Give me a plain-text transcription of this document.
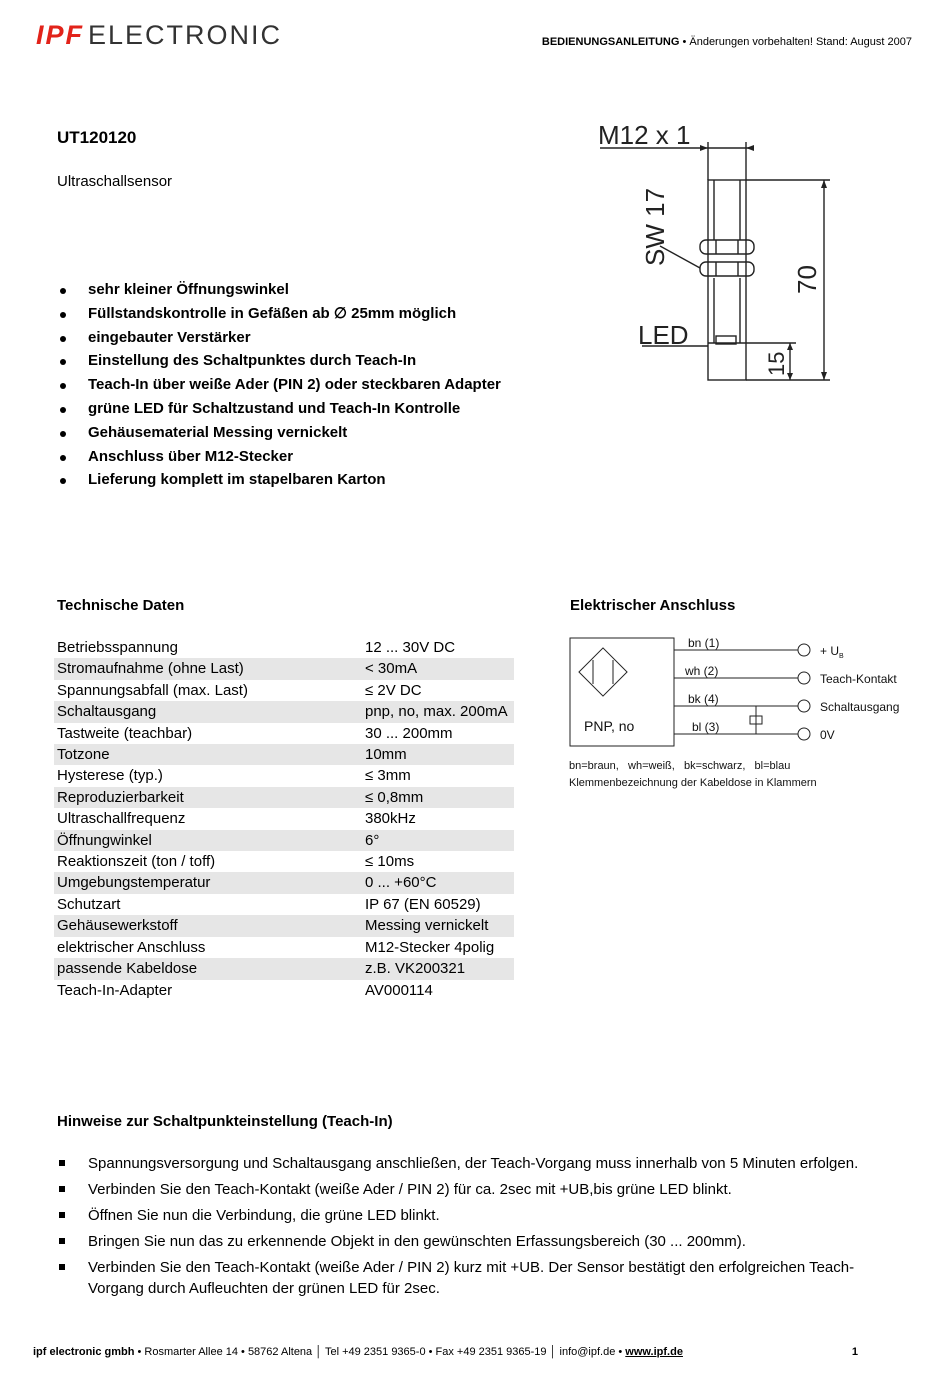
IPF ELECTRONIC	BEDIENUNGSANLEITUNG • Änderungen vorbehalten! Stand: August 2007
UT120120
Ultraschallsensor
sehr kleiner Öffnungswinkel
Füllstandskontrolle in Gefäßen ab ∅ 25mm möglich
eingebauter Verstärker
Einstellung des Schaltpunktes durch Teach-In
Teach-In über weiße Ader (PIN 2) oder steckbaren Adapter
grüne LED für Schaltzustand und Teach-In Kontrolle
Gehäusematerial Messing vernickelt
Anschluss über M12-Stecker
Lieferung komplett im stapelbaren Karton
M12 x 1
SW 17
70
LED
15
Technische Daten
Betriebsspannung	12 ... 30V DC
Stromaufnahme (ohne Last)	< 30mA
Spannungsabfall (max. Last)	≤ 2V DC
Schaltausgang	pnp, no, max. 200mA
Tastweite (teachbar)	30 ... 200mm
Totzone	10mm
Hysterese (typ.)	≤ 3mm
Reproduzierbarkeit	≤ 0,8mm
Ultraschallfrequenz	380kHz
Öffnungwinkel	6°
Reaktionszeit (ton / toff)	≤ 10ms
Umgebungstemperatur	0 ... +60°C
Schutzart	IP 67 (EN 60529)
Gehäusewerkstoff	Messing vernickelt
elektrischer Anschluss	M12-Stecker 4polig
passende Kabeldose	z.B. VK200321
Teach-In-Adapter	AV000114
Elektrischer Anschluss
PNP, no
bn (1)
wh (2)
bk (4)
bl (3)
+ $U_B$
Teach-Kontakt
Schaltausgang
0V
bn=braun,   wh=weiß,   bk=schwarz,   bl=blau
Klemmenbezeichnung der Kabeldose in Klammern
Hinweise zur Schaltpunkteinstellung (Teach-In)
Spannungsversorgung und Schaltausgang anschließen, der Teach-Vorgang muss innerhalb von 5 Minuten erfolgen.
Verbinden Sie den Teach-Kontakt (weiße Ader / PIN 2) für ca. 2sec mit +UB,bis grüne LED blinkt.
Öffnen Sie nun die Verbindung, die grüne LED blinkt.
Bringen Sie nun das zu erkennende Objekt in den gewünschten Erfassungsbereich (30 ... 200mm).
Verbinden Sie den Teach-Kontakt (weiße Ader / PIN 2) kurz mit +UB. Der Sensor bestätigt den erfolgreichen Teach-Vorgang durch Aufleuchten der grünen LED für 2sec.
ipf electronic gmbh • Rosmarter Allee 14 • 58762 Altena │ Tel +49 2351 9365-0 • Fax +49 2351 9365-19 │ info@ipf.de • www.ipf.de	1
